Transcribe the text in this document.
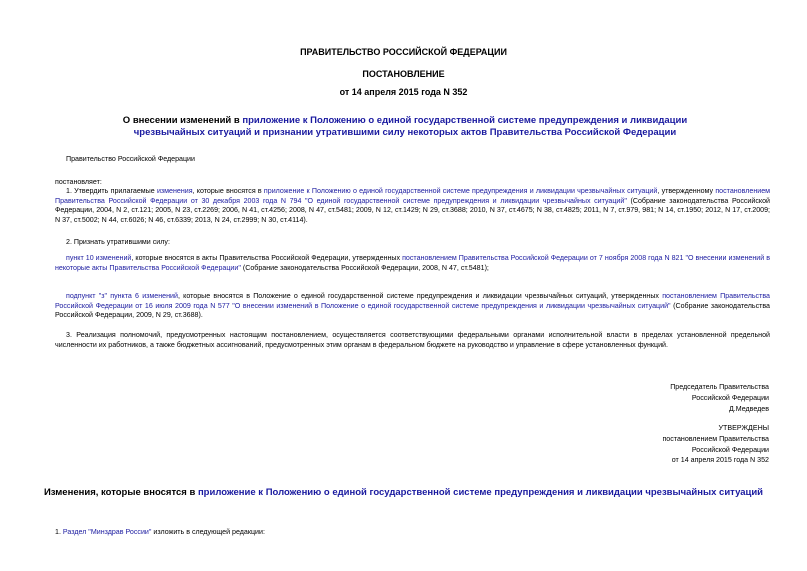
ПРАВИТЕЛЬСТВО РОССИЙСКОЙ ФЕДЕРАЦИИ
ПОСТАНОВЛЕНИЕ
от 14 апреля 2015 года N 352
О внесении изменений в приложение к Положению о единой государственной системе предупреждения и ликвидации чрезвычайных ситуаций и признании утратившими силу некоторых актов Правительства Российской Федерации
Правительство Российской Федерации
постановляет:
1. Утвердить прилагаемые изменения, которые вносятся в приложение к Положению о единой государственной системе предупреждения и ликвидации чрезвычайных ситуаций, утвержденному постановлением Правительства Российской Федерации от 30 декабря 2003 года N 794 "О единой государственной системе предупреждения и ликвидации чрезвычайных ситуаций" (Собрание законодательства Российской Федерации, 2004, N 2, ст.121; 2005, N 23, ст.2269; 2006, N 41, ст.4256; 2008, N 47, ст.5481; 2009, N 12, ст.1429; N 29, ст.3688; 2010, N 37, ст.4675; N 38, ст.4825; 2011, N 7, ст.979, 981; N 14, ст.1950; 2012, N 17, ст.2009; N 37, ст.5002; N 44, ст.6026; N 46, ст.6339; 2013, N 24, ст.2999; N 30, ст.4114).
2. Признать утратившими силу:
пункт 10 изменений, которые вносятся в акты Правительства Российской Федерации, утвержденных постановлением Правительства Российской Федерации от 7 ноября 2008 года N 821 "О внесении изменений в некоторые акты Правительства Российской Федерации" (Собрание законодательства Российской Федерации, 2008, N 47, ст.5481);
подпункт "з" пункта 6 изменений, которые вносятся в Положение о единой государственной системе предупреждения и ликвидации чрезвычайных ситуаций, утвержденных постановлением Правительства Российской Федерации от 16 июля 2009 года N 577 "О внесении изменений в Положение о единой государственной системе предупреждения и ликвидации чрезвычайных ситуаций" (Собрание законодательства Российской Федерации, 2009, N 29, ст.3688).
3. Реализация полномочий, предусмотренных настоящим постановлением, осуществляется соответствующими федеральными органами исполнительной власти в пределах установленной предельной численности их работников, а также бюджетных ассигнований, предусмотренных этим органам в федеральном бюджете на руководство и управление в сфере установленных функций.
Председатель Правительства
Российской Федерации
Д.Медведев
УТВЕРЖДЕНЫ
постановлением Правительства
Российской Федерации
от 14 апреля 2015 года N 352
Изменения, которые вносятся в приложение к Положению о единой государственной системе предупреждения и ликвидации чрезвычайных ситуаций
1. Раздел "Минздрав России" изложить в следующей редакции:
